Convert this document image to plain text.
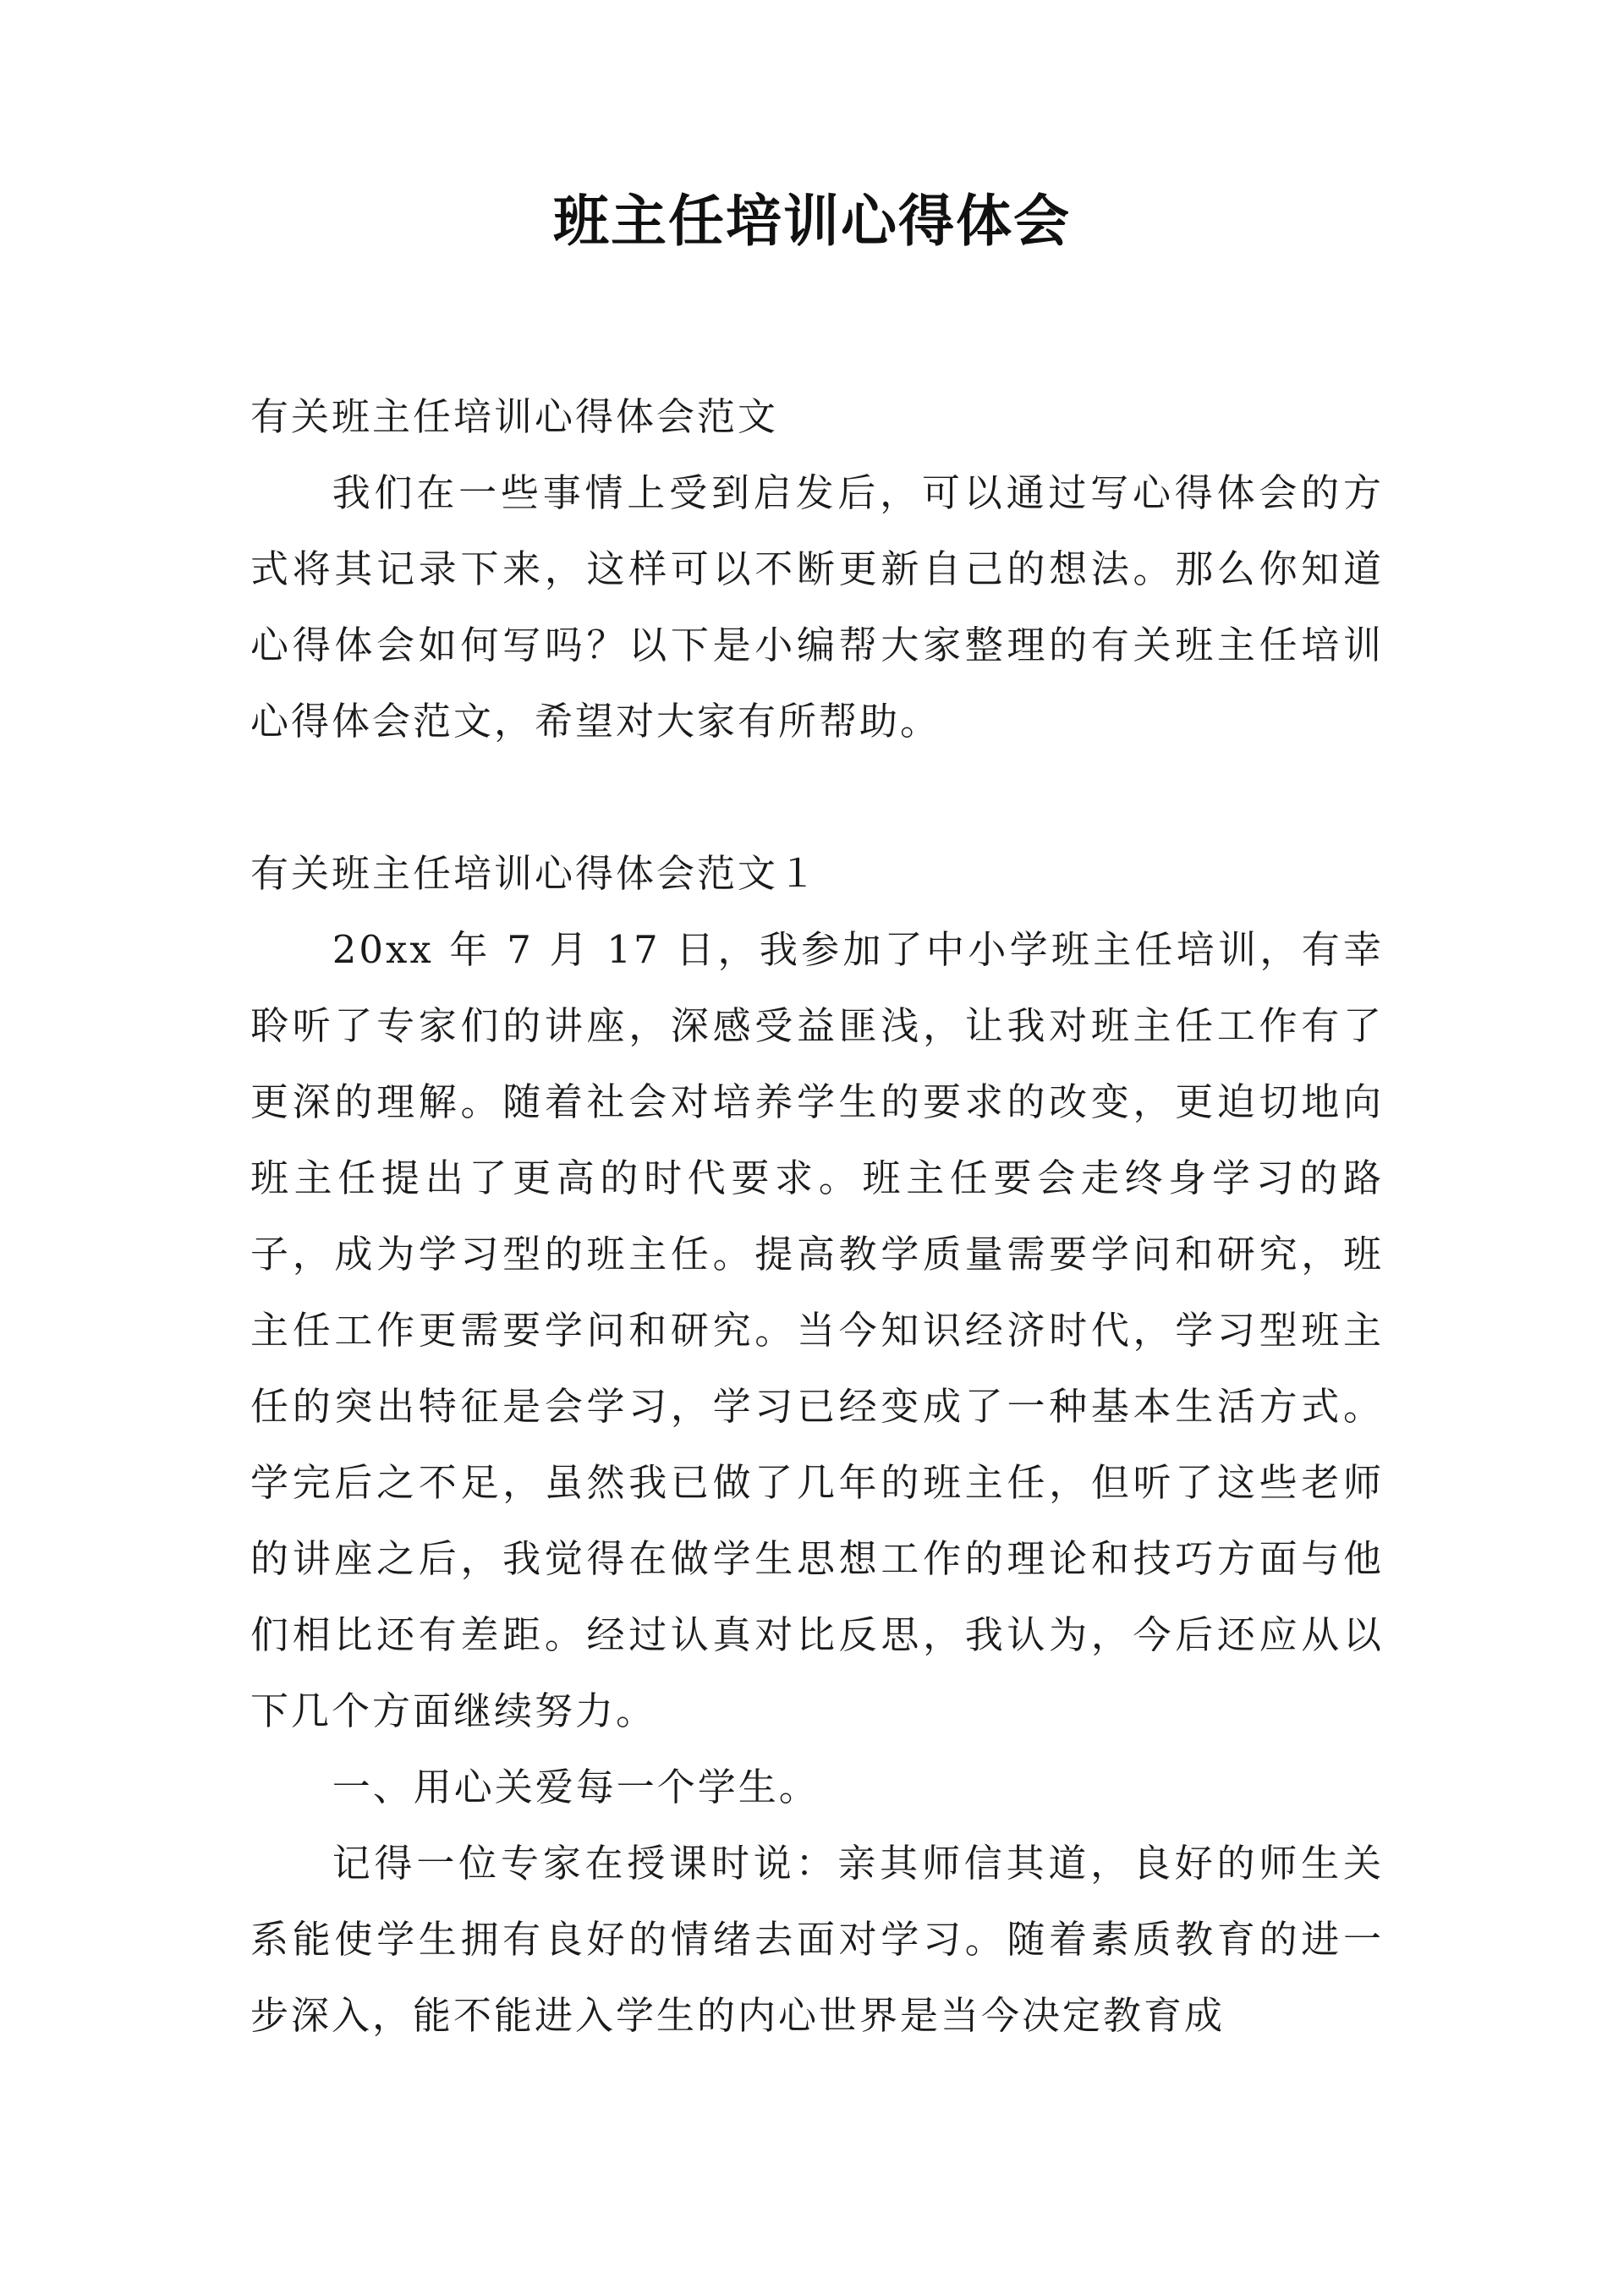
班主任培训心得体会

有关班主任培训心得体会范文

我们在一些事情上受到启发后，可以通过写心得体会的方式将其记录下来，这样可以不断更新自己的想法。那么你知道心得体会如何写吗？以下是小编帮大家整理的有关班主任培训心得体会范文，希望对大家有所帮助。

有关班主任培训心得体会范文１

20xx 年 7 月 17 日，我参加了中小学班主任培训，有幸聆听了专家们的讲座，深感受益匪浅，让我对班主任工作有了更深的理解。随着社会对培养学生的要求的改变，更迫切地向班主任提出了更高的时代要求。班主任要会走终身学习的路子，成为学习型的班主任。提高教学质量需要学问和研究，班主任工作更需要学问和研究。当今知识经济时代，学习型班主任的突出特征是会学习，学习已经变成了一种基本生活方式。学完后之不足，虽然我已做了几年的班主任，但听了这些老师的讲座之后，我觉得在做学生思想工作的理论和技巧方面与他们相比还有差距。经过认真对比反思，我认为，今后还应从以下几个方面继续努力。

一、用心关爱每一个学生。

记得一位专家在授课时说：亲其师信其道，良好的师生关系能使学生拥有良好的情绪去面对学习。随着素质教育的进一步深入，能不能进入学生的内心世界是当今决定教育成
